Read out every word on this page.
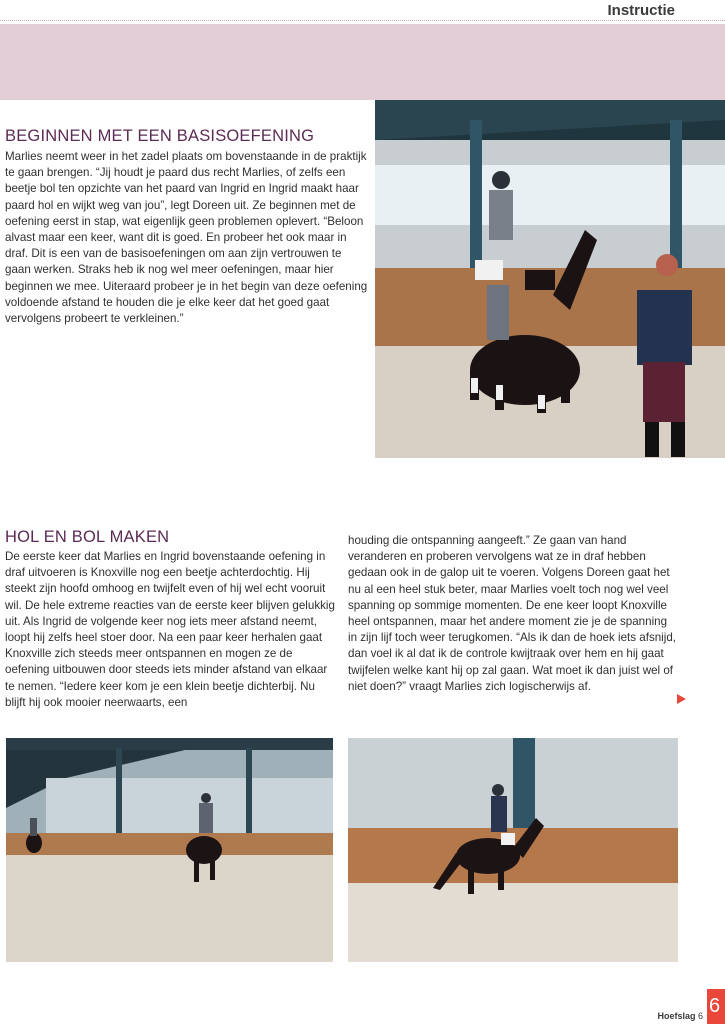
Instructie
BEGINNEN MET EEN BASISOEFENING

Marlies neemt weer in het zadel plaats om bovenstaande in de praktijk te gaan brengen. “Jij houdt je paard dus recht Marlies, of zelfs een beetje bol ten opzichte van het paard van Ingrid en Ingrid maakt haar paard hol en wijkt weg van jou”, legt Doreen uit. Ze beginnen met de oefening eerst in stap, wat eigenlijk geen problemen oplevert. “Beloon alvast maar een keer, want dit is goed. En probeer het ook maar in draf. Dit is een van de basisoefeningen om aan zijn vertrouwen te gaan werken. Straks heb ik nog wel meer oefeningen, maar hier beginnen we mee. Uiteraard probeer je in het begin van deze oefening voldoende afstand te houden die je elke keer dat het goed gaat vervolgens probeert te verkleinen.”

HOL EN BOL MAKEN

De eerste keer dat Marlies en Ingrid bovenstaande oefening in draf uitvoeren is Knoxville nog een beetje achterdochtig. Hij steekt zijn hoofd omhoog en twijfelt even of hij wel echt vooruit wil. De hele extreme reacties van de eerste keer blijven gelukkig uit. Als Ingrid de volgende keer nog iets meer afstand neemt, loopt hij zelfs heel stoer door. Na een paar keer herhalen gaat Knoxville zich steeds meer ontspannen en mogen ze de oefening uitbouwen door steeds iets minder afstand van elkaar te nemen. “Iedere keer kom je een klein beetje dichterbij. Nu blijft hij ook mooier neerwaarts, een

houding die ontspanning aangeeft.” Ze gaan van hand veranderen en proberen vervolgens wat ze in draf hebben gedaan ook in de galop uit te voeren. Volgens Doreen gaat het nu al een heel stuk beter, maar Marlies voelt toch nog wel veel spanning op sommige momenten. De ene keer loopt Knoxville heel ontspannen, maar het andere moment zie je de spanning in zijn lijf toch weer terugkomen. “Als ik dan de hoek iets afsnijd, dan voel ik al dat ik de controle kwijtraak over hem en hij gaat twijfelen welke kant hij op zal gaan. Wat moet ik dan juist wel of niet doen?” vraagt Marlies zich logischerwijs af.

Hoefslag 6 6
